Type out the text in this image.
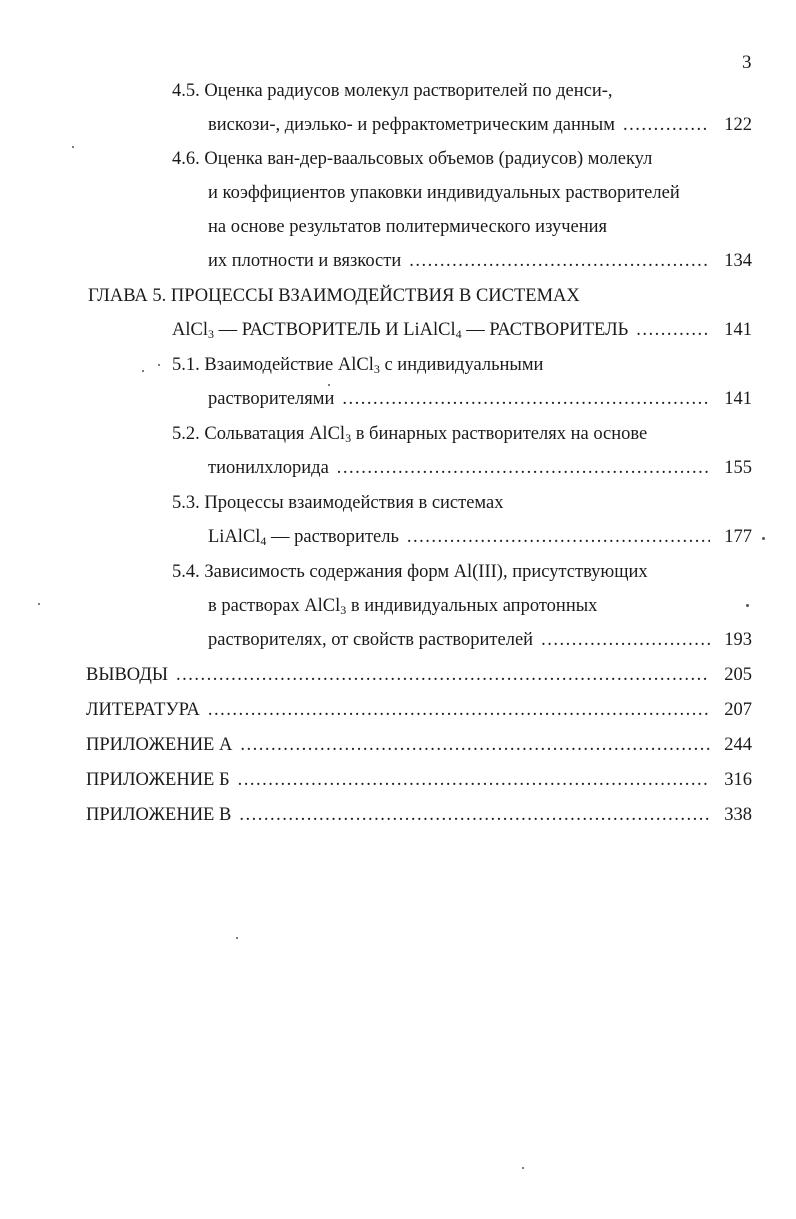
3
4.5. Оценка радиусов молекул растворителей по денси-,
вискози-, диэлько- и рефрактометрическим данным .....	122
4.6. Оценка ван-дер-ваальсовых объемов (радиусов) молекул
и коэффициентов упаковки индивидуальных растворителей
на основе результатов политермического изучения
их плотности и вязкости .....	134
ГЛАВА 5. ПРОЦЕССЫ ВЗАИМОДЕЙСТВИЯ В СИСТЕМАХ
AlCl$_3$ — РАСТВОРИТЕЛЬ И LiAlCl$_4$ — РАСТВОРИТЕЛЬ .....	141
5.1. Взаимодействие AlCl$_3$ с индивидуальными
растворителями .....	141
5.2. Сольватация AlCl$_3$ в бинарных растворителях на основе
тионилхлорида .....	155
5.3. Процессы взаимодействия в системах
LiAlCl$_4$ — растворитель .....	177
5.4. Зависимость содержания форм Al(III), присутствующих
в растворах AlCl$_3$ в индивидуальных апротонных
растворителях, от свойств растворителей .....	193
ВЫВОДЫ .....	205
ЛИТЕРАТУРА .....	207
ПРИЛОЖЕНИЕ А .....	244
ПРИЛОЖЕНИЕ Б .....	316
ПРИЛОЖЕНИЕ В .....	338
